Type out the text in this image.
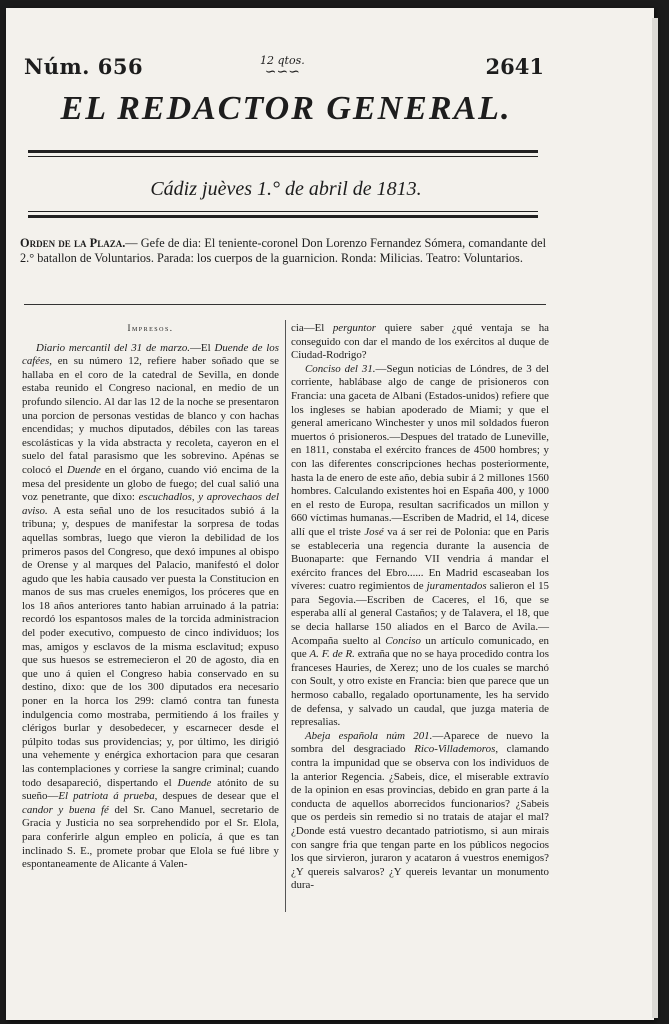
Núm. 656	12 qtos.
∽∽∽	2641
EL REDACTOR GENERAL.
Cádiz juèves 1.° de abril de 1813.
Orden de la Plaza.— Gefe de dia: El teniente-coronel Don Lorenzo Fernandez Sómera, comandante del 2.° batallon de Voluntarios. Parada: los cuerpos de la guarnicion. Ronda: Milicias. Teatro: Voluntarios.
Impresos.

Diario mercantil del 31 de marzo.—El Duende de los cafées, en su número 12, refiere haber soñado que se hallaba en el coro de la catedral de Sevilla, en donde estaba reunido el Congreso nacional, en medio de un profundo silencio. Al dar las 12 de la noche se presentaron una porcion de personas vestidas de blanco y con hachas encendidas; y muchos diputados, débiles con las tareas escolásticas y la vida abstracta y recoleta, cayeron en el suelo del fatal parasismo que les sobrevino. Apénas se colocó el Duende en el órgano, cuando vió encima de la mesa del presidente un globo de fuego; del cual salió una voz penetrante, que dixo: escuchadlos, y aprovechaos del aviso. A esta señal uno de los resucitados subió á la tribuna; y, despues de manifestar la sorpresa de todas aquellas sombras, luego que vieron la debilidad de los primeros pasos del Congreso, que dexó impunes al obispo de Orense y al marques del Palacio, manifestó el dolor agudo que les habia causado ver puesta la Constitucion en manos de sus mas crueles enemigos, los próceres que en los 18 años anteriores tanto habian arruinado á la patria: recordó los espantosos males de la torcida administracion del poder executivo, compuesto de cinco individuos; los mas, amigos y esclavos de la misma esclavitud; expuso que sus huesos se estremecieron el 20 de agosto, dia en que uno á quien el Congreso habia conservado en su destino, dixo: que de los 300 diputados era necesario poner en la horca los 299: clamó contra tan funesta indulgencia como mostraba, permitiendo á los frailes y clérigos burlar y desobedecer, y escarnecer desde el púlpito todas sus providencias; y, por último, les dirigió una vehemente y enérgica exhortacion para que cesaran las contemplaciones y corriese la sangre criminal; cuando todo desapareció, dispertando el Duende atónito de su sueño—El patriota á prueba, despues de desear que el candor y buena fé del Sr. Cano Manuel, secretario de Gracia y Justicia no sea sorprehendido por el Sr. Elola, para conferirle algun empleo en policía, á que es tan inclinado S. E., promete probar que Elola se fué libre y espontaneamente de Alicante á Valen-

cia—El perguntor quiere saber ¿qué ventaja se ha conseguido con dar el mando de los exércitos al duque de Ciudad-Rodrigo?

Conciso del 31.—Segun noticias de Lóndres, de 3 del corriente, hablábase algo de cange de prisioneros con Francia: una gaceta de Albani (Estados-unidos) refiere que los ingleses se habian apoderado de Miami; y que el general americano Winchester y unos mil soldados fueron muertos ó prisioneros.—Despues del tratado de Luneville, en 1811, constaba el exército frances de 4500 hombres; y con las diferentes conscripciones hechas posteriormente, hasta la de enero de este año, debia subir á 2 millones 1560 hombres. Calculando existentes hoi en España 400, y 1000 en el resto de Europa, resultan sacrificados un millon y 660 víctimas humanas.—Escriben de Madrid, el 14, dicese allí que el triste José va á ser rei de Polonia: que en Paris se estableceria una regencia durante la ausencia de Buonaparte: que Fernando VII vendria á mandar el exército frances del Ebro...... En Madrid escaseaban los víveres: cuatro regimientos de juramentados salieron el 15 para Segovia.—Escriben de Caceres, el 16, que se esperaba allí al general Castaños; y de Talavera, el 18, que se decia hallarse 150 aliados en el Barco de Avila.—Acompaña suelto al Conciso un artículo comunicado, en que A. F. de R. extraña que no se haya procedido contra los franceses Hauries, de Xerez; uno de los cuales se marchó con Soult, y otro existe en Francia: bien que parece que un hermoso caballo, regalado oportunamente, les ha servido de defensa, y salvado un caudal, que juzga materia de represalias.

Abeja española núm 201.—Aparece de nuevo la sombra del desgraciado Rico-Villademoros, clamando contra la impunidad que se observa con los individuos de la anterior Regencia. ¿Sabeis, dice, el miserable extravío de la opinion en esas provincias, debido en gran parte á la conducta de aquellos aborrecidos funcionarios? ¿Sabeis que os perdeis sin remedio si no tratais de atajar el mal? ¿Donde está vuestro decantado patriotismo, si aun mirais con sangre fria que tengan parte en los públicos negocios los que sirvieron, juraron y acataron á vuestros enemigos? ¿Y quereis salvaros? ¿Y quereis levantar un monumento dura-
